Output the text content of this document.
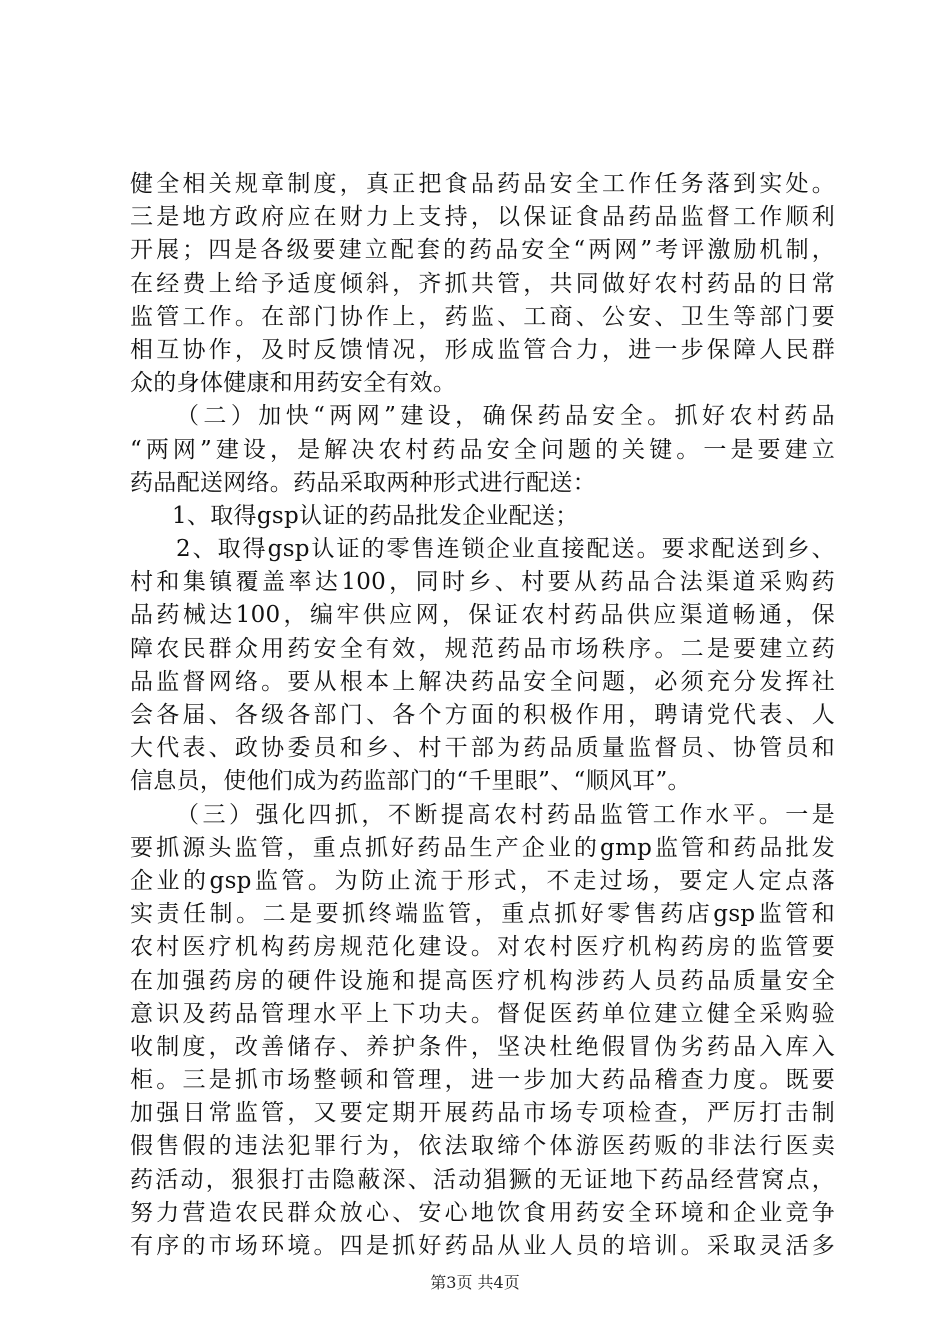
健全相关规章制度，真正把食品药品安全工作任务落到实处。
三是地方政府应在财力上支持，以保证食品药品监督工作顺利
开展；四是各级要建立配套的药品安全“两网”考评激励机制，
在经费上给予适度倾斜，齐抓共管，共同做好农村药品的日常
监管工作。在部门协作上，药监、工商、公安、卫生等部门要
相互协作，及时反馈情况，形成监管合力，进一步保障人民群
众的身体健康和用药安全有效。
（二）加快“两网”建设，确保药品安全。抓好农村药品
“两网”建设，是解决农村药品安全问题的关键。一是要建立
药品配送网络。药品采取两种形式进行配送：
1、取得gsp认证的药品批发企业配送；
2、取得gsp认证的零售连锁企业直接配送。要求配送到乡、
村和集镇覆盖率达100，同时乡、村要从药品合法渠道采购药
品药械达100，编牢供应网，保证农村药品供应渠道畅通，保
障农民群众用药安全有效，规范药品市场秩序。二是要建立药
品监督网络。要从根本上解决药品安全问题，必须充分发挥社
会各届、各级各部门、各个方面的积极作用，聘请党代表、人
大代表、政协委员和乡、村干部为药品质量监督员、协管员和
信息员，使他们成为药监部门的“千里眼”、“顺风耳”。
（三）强化四抓，不断提高农村药品监管工作水平。一是
要抓源头监管，重点抓好药品生产企业的gmp监管和药品批发
企业的gsp监管。为防止流于形式，不走过场，要定人定点落
实责任制。二是要抓终端监管，重点抓好零售药店gsp监管和
农村医疗机构药房规范化建设。对农村医疗机构药房的监管要
在加强药房的硬件设施和提高医疗机构涉药人员药品质量安全
意识及药品管理水平上下功夫。督促医药单位建立健全采购验
收制度，改善储存、养护条件，坚决杜绝假冒伪劣药品入库入
柜。三是抓市场整顿和管理，进一步加大药品稽查力度。既要
加强日常监管，又要定期开展药品市场专项检查，严厉打击制
假售假的违法犯罪行为，依法取缔个体游医药贩的非法行医卖
药活动，狠狠打击隐蔽深、活动猖獗的无证地下药品经营窝点，
努力营造农民群众放心、安心地饮食用药安全环境和企业竞争
有序的市场环境。四是抓好药品从业人员的培训。采取灵活多
第3页 共4页
